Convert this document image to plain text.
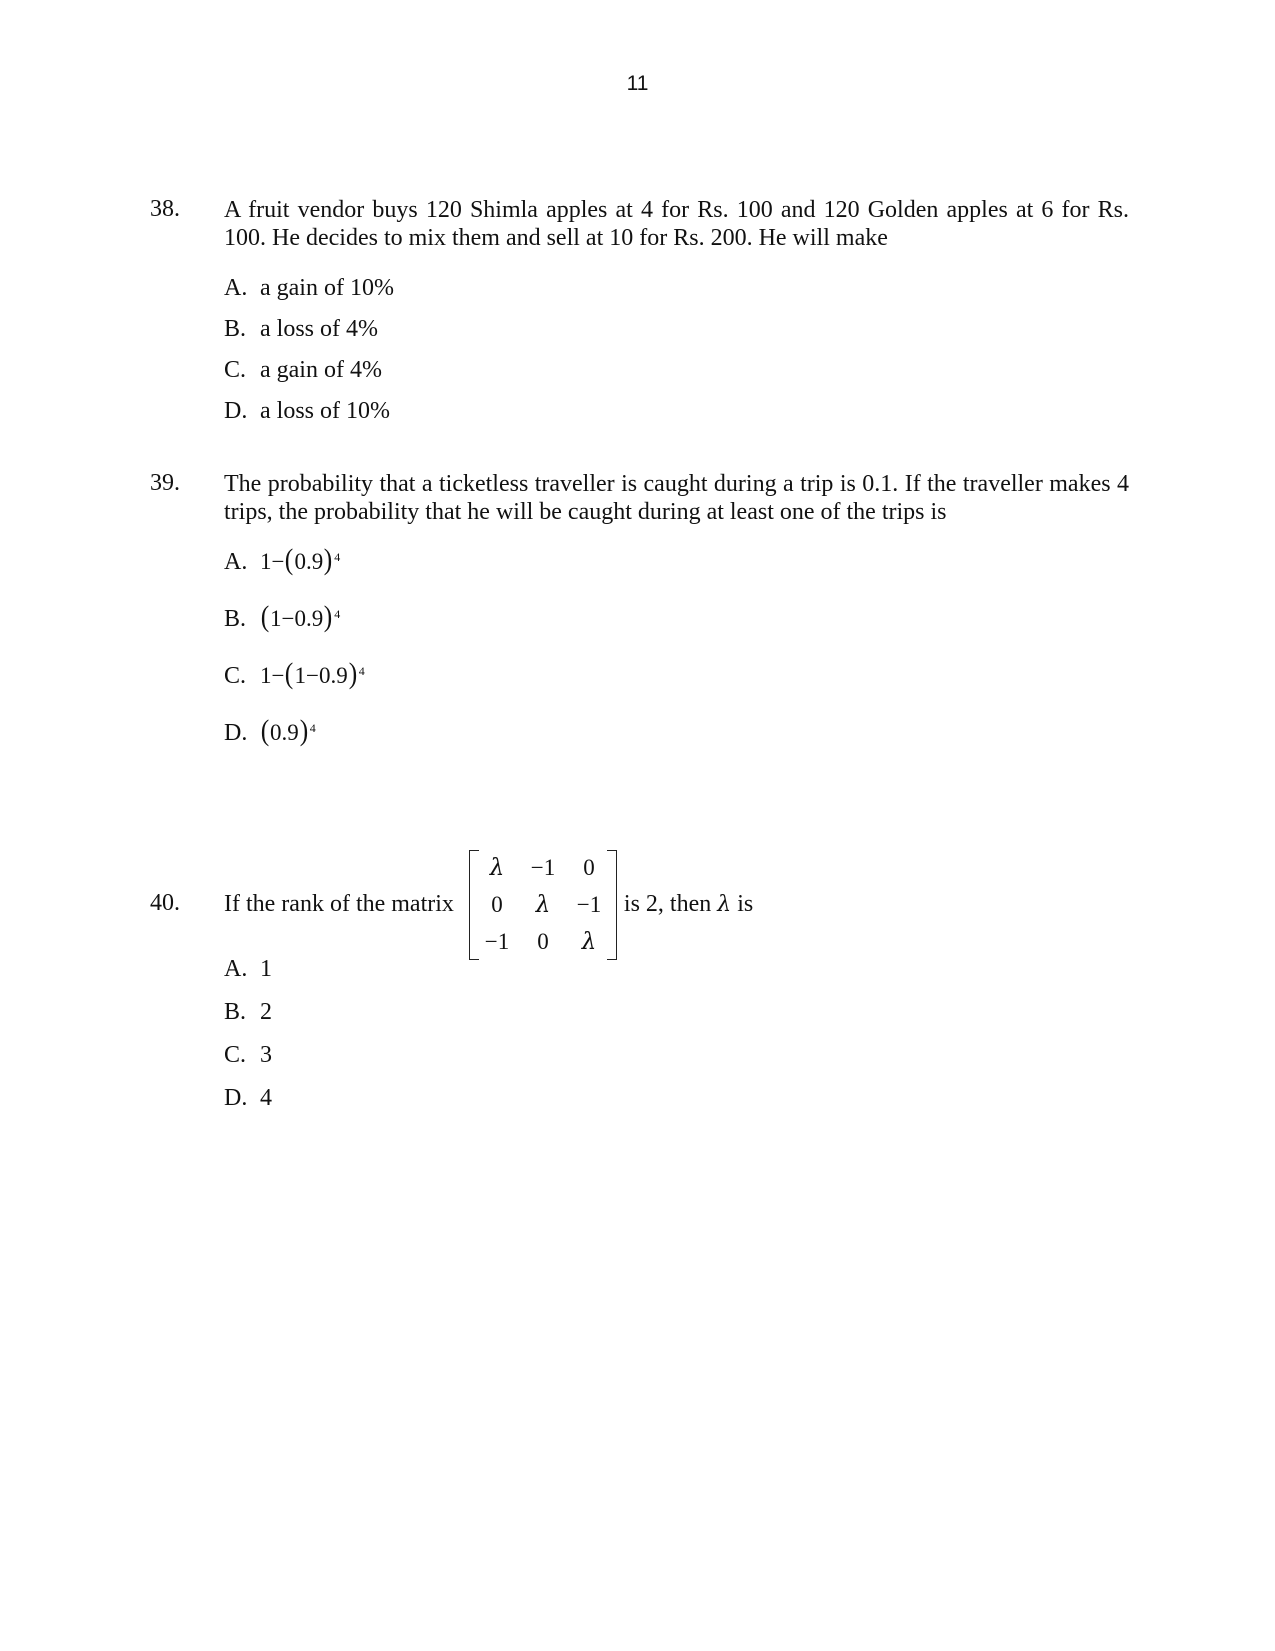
11
38. A fruit vendor buys 120 Shimla apples at 4 for Rs. 100 and 120 Golden apples at 6 for Rs. 100. He decides to mix them and sell at 10 for Rs. 200. He will make
A. a gain of 10%
B. a loss of 4%
C. a gain of 4%
D. a loss of 10%
39. The probability that a ticketless traveller is caught during a trip is 0.1. If the traveller makes 4 trips, the probability that he will be caught during at least one of the trips is
A. 1−(0.9) $^4$
B. (1−0.9) $^4$
C. 1−(1−0.9) $^4$
D. (0.9) $^4$
40. If the rank of the matrix	is 2, then λ is
A. 1
B. 2
C. 3
D. 4
λ	−1	0
0	λ	−1
−1	0	λ
